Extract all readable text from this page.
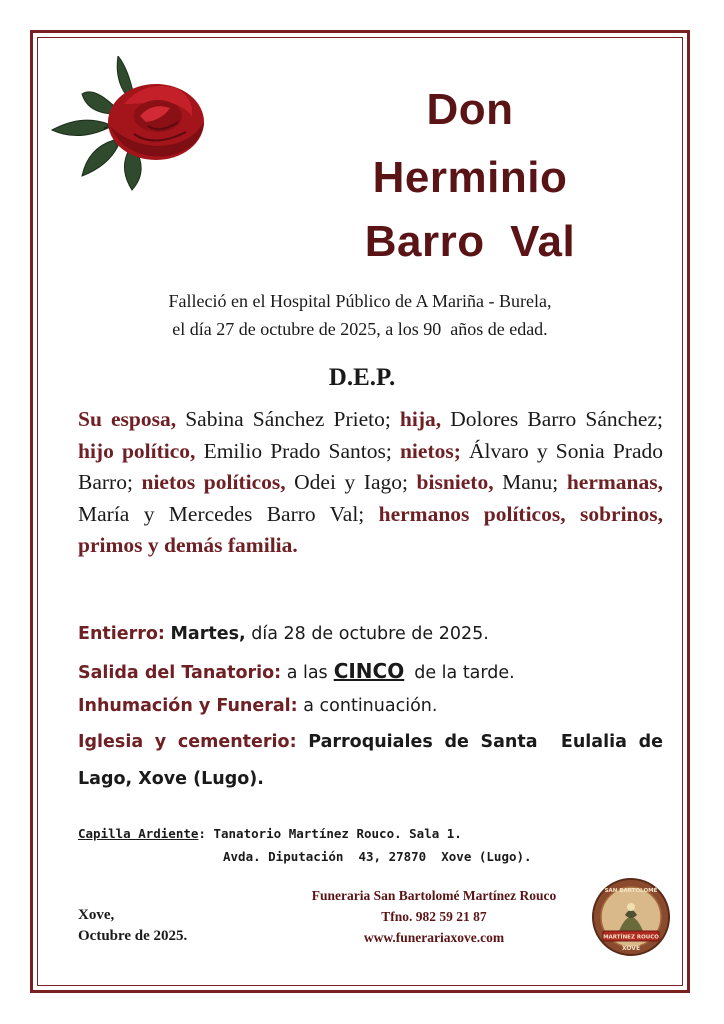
Don
Herminio
Barro  Val
Falleció en el Hospital Público de A Mariña - Burela,
el día 27 de octubre de 2025, a los 90  años de edad.
D.E.P.
Su esposa, Sabina Sánchez Prieto; hija, Dolores Barro Sánchez; hijo político, Emilio Prado Santos; nietos; Álvaro y Sonia Prado Barro; nietos políticos, Odei y Iago; bisnieto, Manu; hermanas, María y Mercedes Barro Val; hermanos políticos, sobrinos, primos y demás familia.
Entierro: Martes, día 28 de octubre de 2025.
Salida del Tanatorio: a las CINCO de la tarde.
Inhumación y Funeral: a continuación.
Iglesia y cementerio: Parroquiales de Santa  Eulalia de Lago, Xove (Lugo).
Capilla Ardiente: Tanatorio Martínez Rouco. Sala 1.
Avda. Diputación  43, 27870  Xove (Lugo).
Xove,
Octubre de 2025.
Funeraria San Bartolomé Martínez Rouco
Tfno. 982 59 21 87
www.funerariaxove.com	MARTÍNEZ ROUCO
SAN BARTOLOMÉ
XOVE
